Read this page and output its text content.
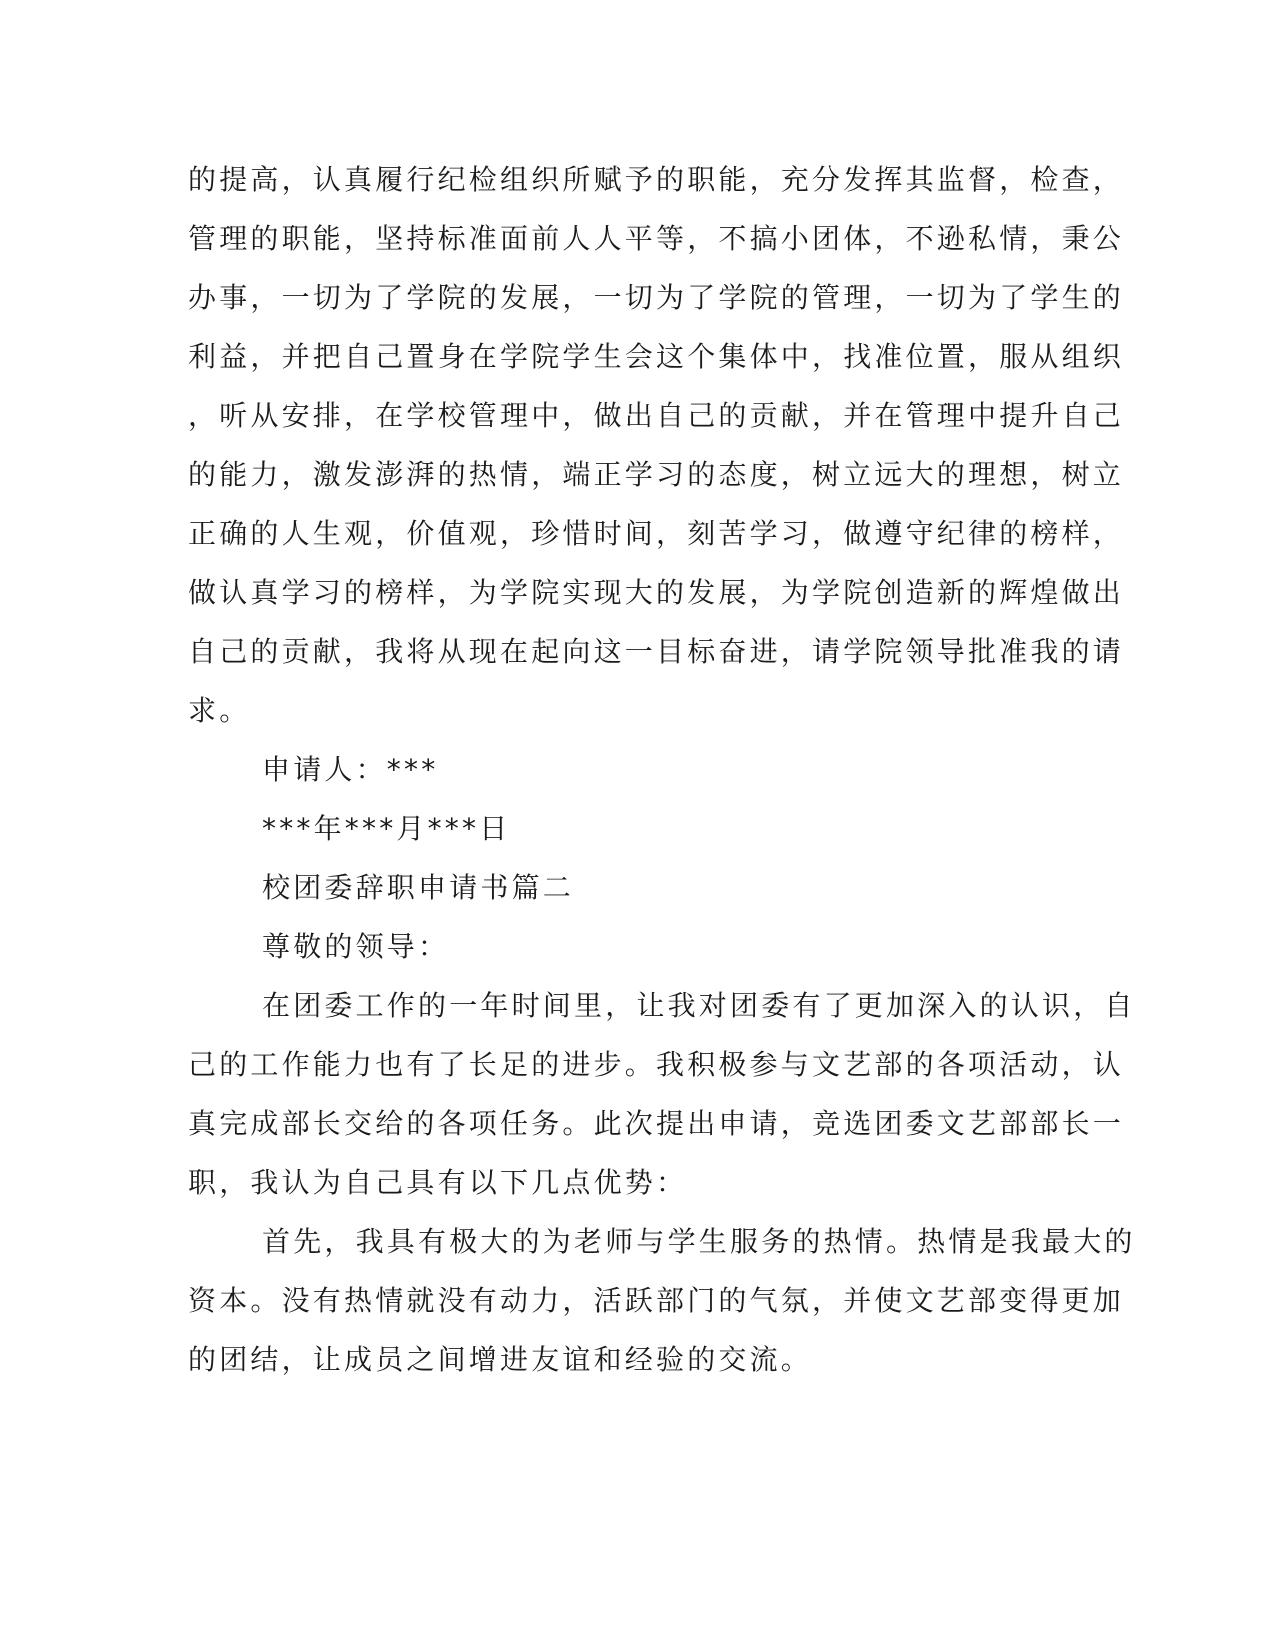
的提高，认真履行纪检组织所赋予的职能，充分发挥其监督，检查，
管理的职能，坚持标准面前人人平等，不搞小团体，不逊私情，秉公
办事，一切为了学院的发展，一切为了学院的管理，一切为了学生的
利益，并把自己置身在学院学生会这个集体中，找准位置，服从组织
，听从安排，在学校管理中，做出自己的贡献，并在管理中提升自己
的能力，激发澎湃的热情，端正学习的态度，树立远大的理想，树立
正确的人生观，价值观，珍惜时间，刻苦学习，做遵守纪律的榜样，
做认真学习的榜样，为学院实现大的发展，为学院创造新的辉煌做出
自己的贡献，我将从现在起向这一目标奋进，请学院领导批准我的请
求。
申请人：***
***年***月***日
校团委辞职申请书篇二
尊敬的领导：
在团委工作的一年时间里，让我对团委有了更加深入的认识，自
己的工作能力也有了长足的进步。我积极参与文艺部的各项活动，认
真完成部长交给的各项任务。此次提出申请，竞选团委文艺部部长一
职，我认为自己具有以下几点优势：
首先，我具有极大的为老师与学生服务的热情。热情是我最大的
资本。没有热情就没有动力，活跃部门的气氛，并使文艺部变得更加
的团结，让成员之间增进友谊和经验的交流。
